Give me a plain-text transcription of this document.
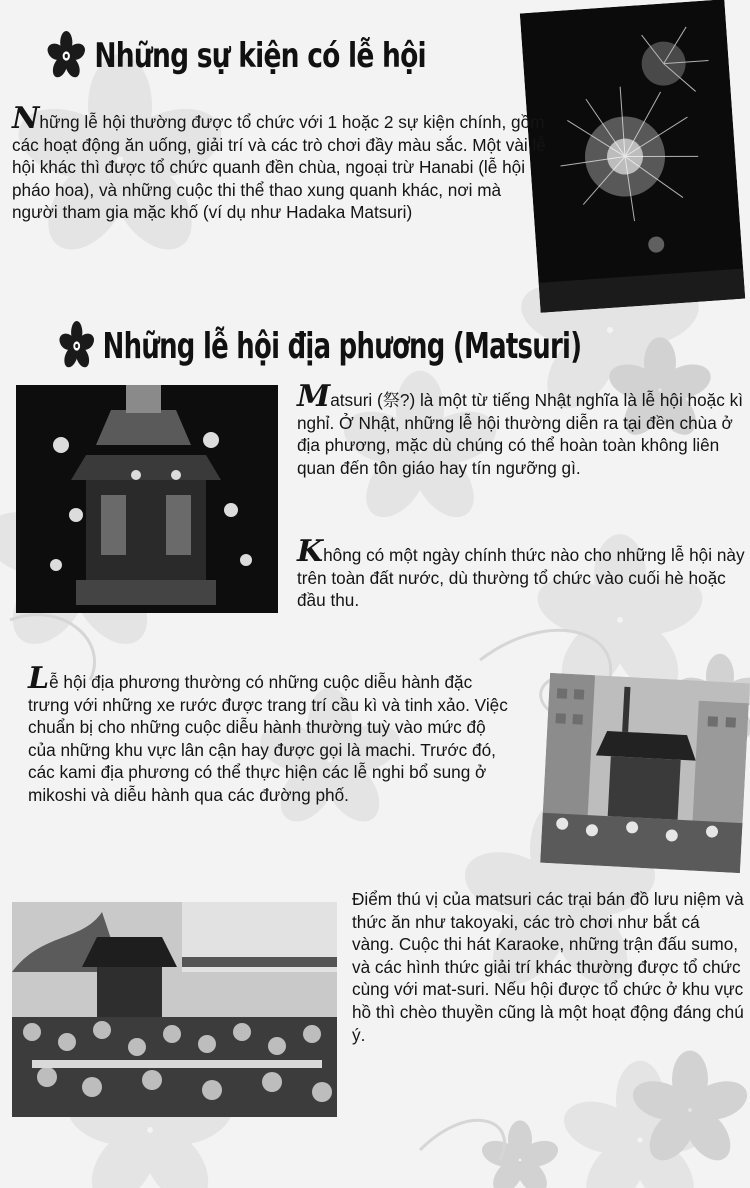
Những sự kiện có lễ hội

Những lễ hội thường được tổ chức với 1 hoặc 2 sự kiện chính, gồm các hoạt động ăn uống, giải trí và các trò chơi đầy màu sắc. Một vài lễ hội khác thì được tổ chức quanh đền chùa, ngoại trừ Hanabi (lễ hội pháo hoa), và những cuộc thi thể thao xung quanh khác, nơi mà người tham gia mặc khố (ví dụ như Hadaka Matsuri)

Những lễ hội địa phương (Matsuri)

Matsuri (祭?) là một từ tiếng Nhật nghĩa là lễ hội hoặc kì nghỉ. Ở Nhật, những lễ hội thường diễn ra tại đền chùa ở địa phương, mặc dù chúng có thể hoàn toàn không liên quan đến tôn giáo hay tín ngưỡng gì.

Không có một ngày chính thức nào cho những lễ hội này trên toàn đất nước, dù thường tổ chức vào cuối hè hoặc đầu thu.

Lễ hội địa phương thường có những cuộc diễu hành đặc trưng với những xe rước được trang trí cầu kì và tinh xảo. Việc chuẩn bị cho những cuộc diễu hành thường tuỳ vào mức độ của những khu vực lân cận hay được gọi là machi. Trước đó, các kami địa phương có thể thực hiện các lễ nghi bổ sung ở mikoshi và diễu hành qua các đường phố.

Điểm thú vị của matsuri các trại bán đồ lưu niệm và thức ăn như takoyaki, các trò chơi như bắt cá vàng. Cuộc thi hát Karaoke, những trận đấu sumo, và các hình thức giải trí khác thường được tổ chức cùng với mat-suri. Nếu hội được tổ chức ở khu vực hồ thì chèo thuyền cũng là một hoạt động đáng chú ý.
